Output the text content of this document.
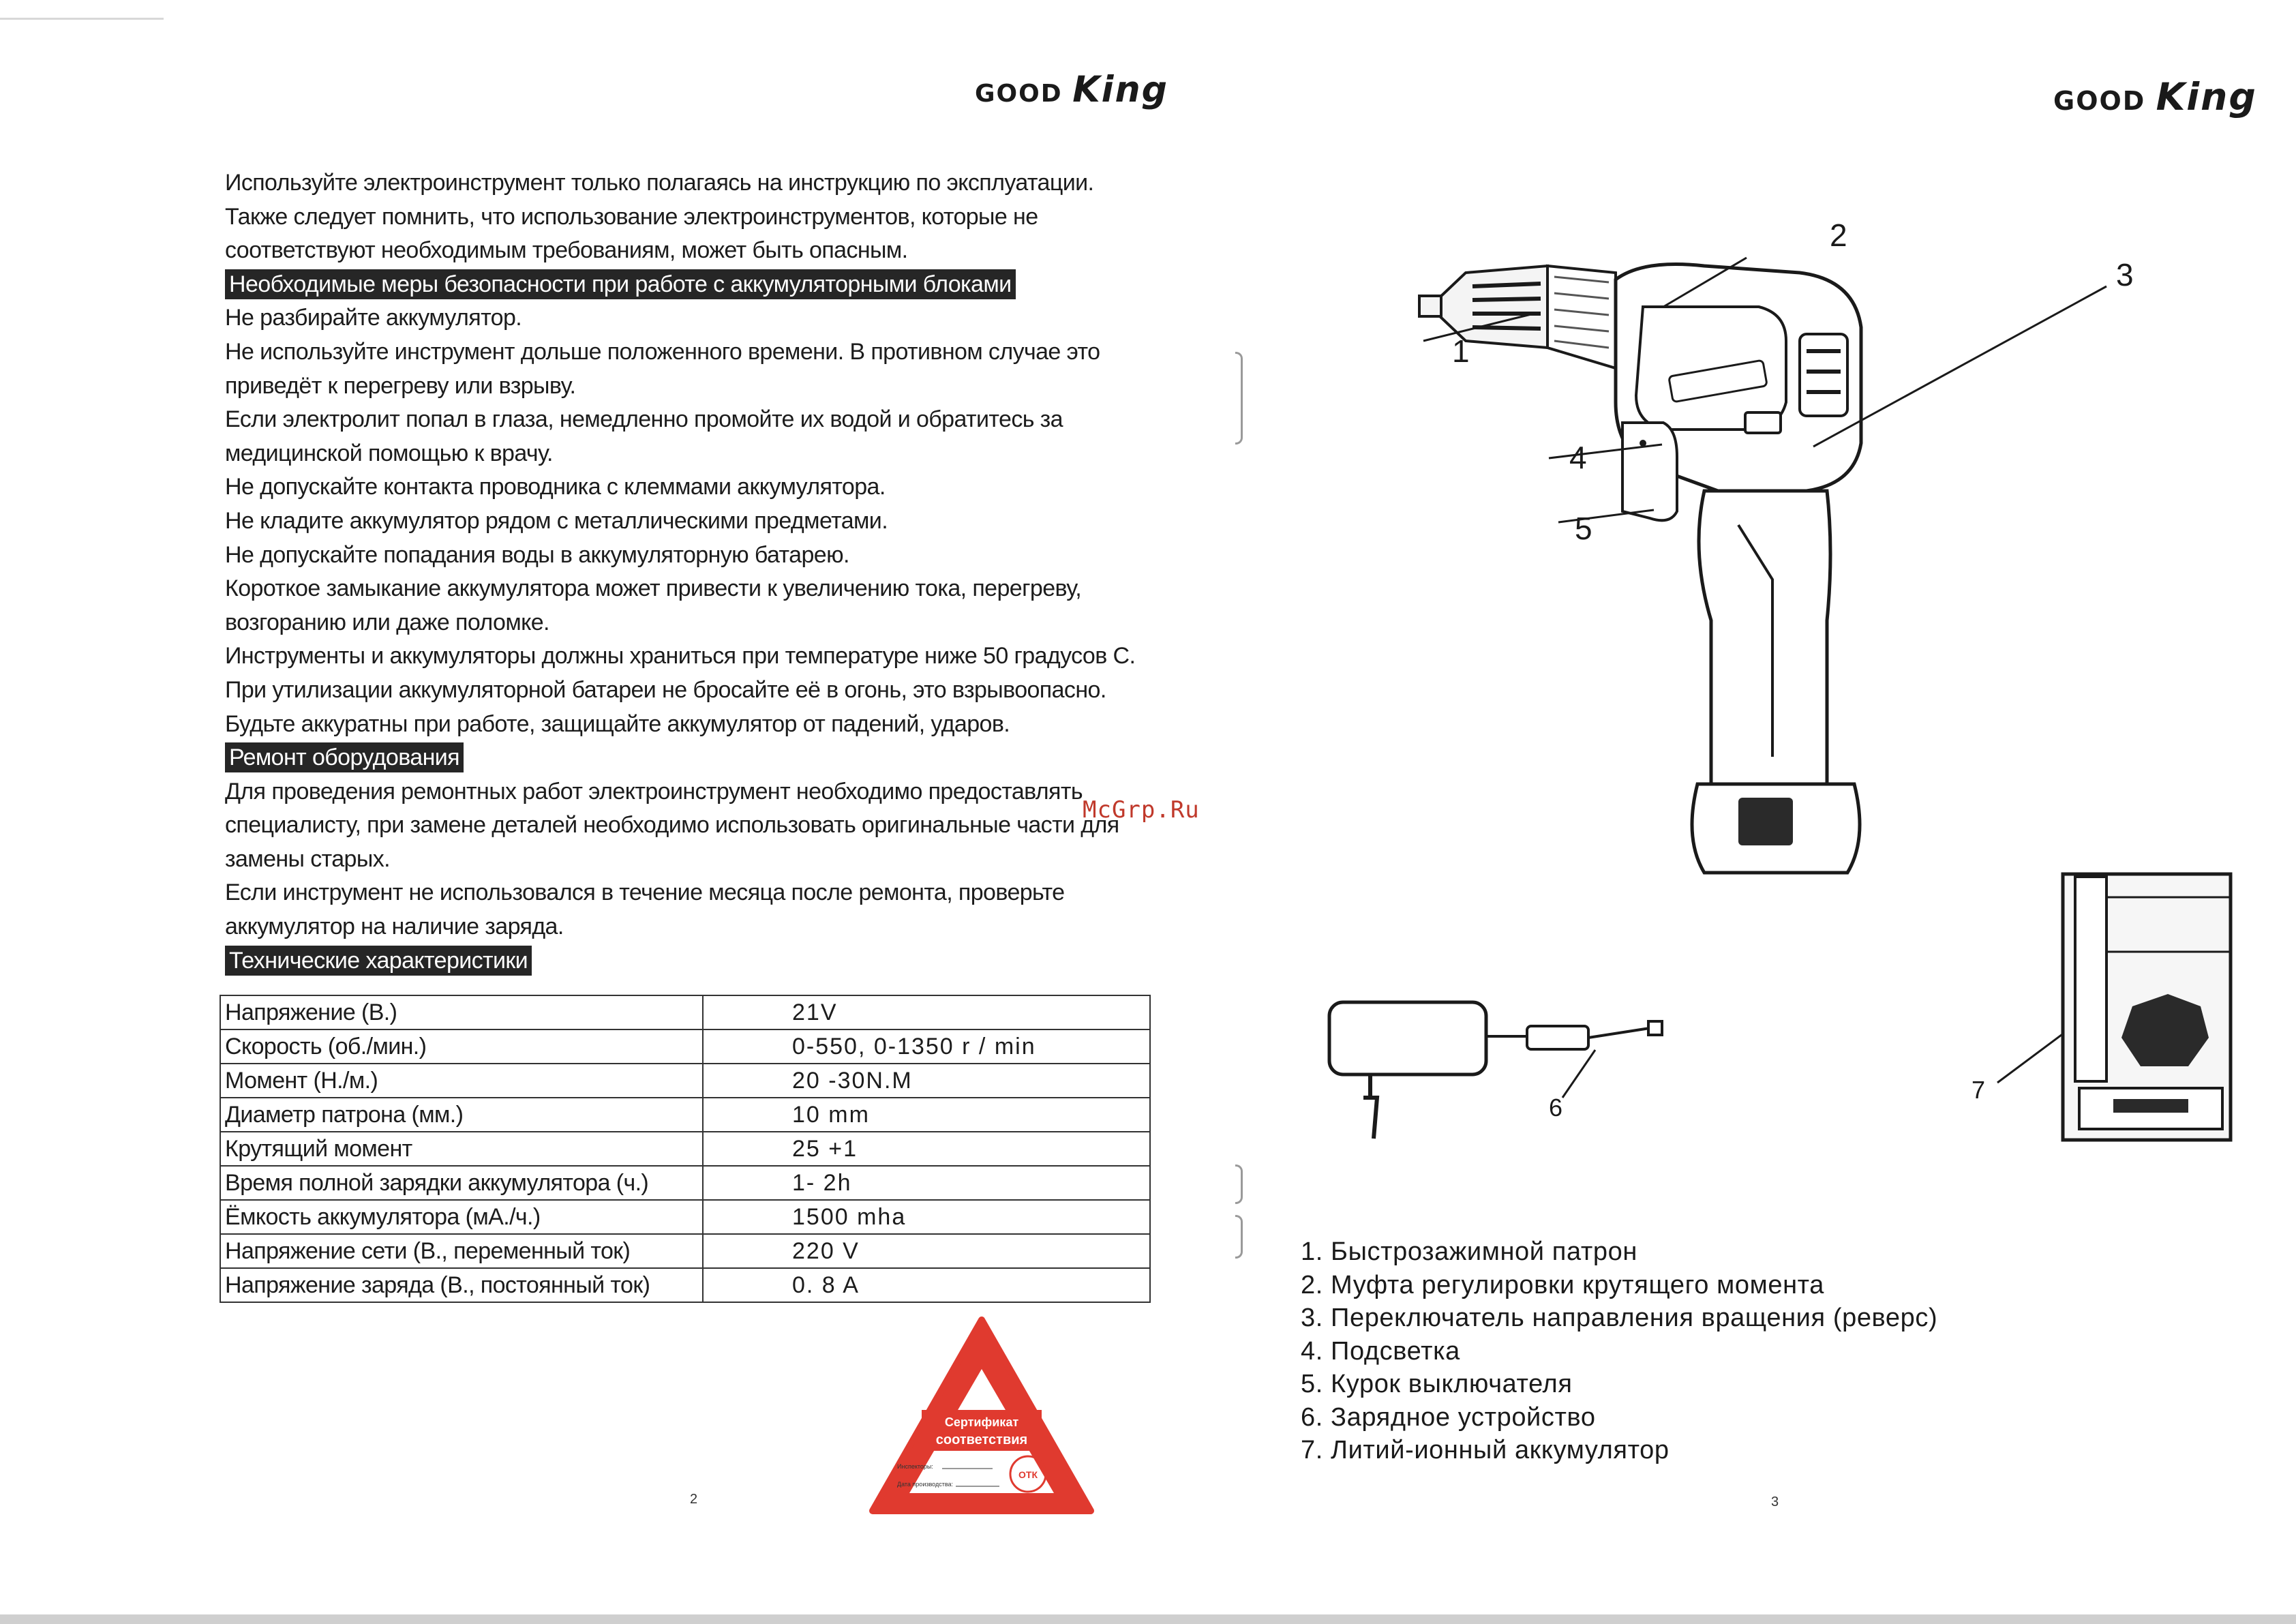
GOOD King

Используйте электроинструмент только полагаясь на инструкцию по эксплуатации.

Также следует помнить, что использование электроинструментов, которые не

соответствуют необходимым требованиям, может быть опасным.

Необходимые меры безопасности при работе с аккумуляторными блоками

Не разбирайте аккумулятор.

Не используйте инструмент дольше положенного времени. В противном случае это

приведёт к перегреву или взрыву.

Если электролит попал в глаза, немедленно промойте их водой и обратитесь за

медицинской помощью к врачу.

Не допускайте контакта проводника с клеммами аккумулятора.

Не кладите аккумулятор рядом с металлическими предметами.

Не допускайте попадания воды в аккумуляторную батарею.

Короткое замыкание аккумулятора может привести к увеличению тока, перегреву,

возгоранию или даже поломке.

Инструменты и аккумуляторы должны храниться при температуре ниже 50 градусов С.

При утилизации аккумуляторной батареи не бросайте её в огонь, это взрывоопасно.

Будьте аккуратны при работе, защищайте аккумулятор от падений, ударов.

Ремонт оборудования

Для проведения ремонтных работ электроинструмент необходимо предоставлять

специалисту, при замене деталей необходимо использовать оригинальные части для

замены старых.

Если инструмент не использовался в течение месяца после ремонта, проверьте

аккумулятор на наличие заряда.

Технические характеристики
Напряжение (В.)	21V
Скорость (об./мин.)	0-550, 0-1350 r / min
Момент (Н./м.)	20 -30N.M
Диаметр патрона (мм.)	10 mm
Крутящий момент	25 +1
Время полной зарядки аккумулятора (ч.)	1- 2h
Ёмкость аккумулятора (мА./ч.)	1500 mha
Напряжение сети (В., переменный ток)	220 V
Напряжение заряда (В., постоянный ток)	0. 8 A
McGrp.Ru
Сертификат
соответствия
Инспекторы:
Дата производства:
ОТК
2
GOOD King
1
2
3
4
5
6
7
1. Быстрозажимной патрон
2. Муфта регулировки крутящего момента
3. Переключатель направления вращения (реверс)
4. Подсветка
5. Курок выключателя
6. Зарядное устройство
7. Литий-ионный аккумулятор
3
